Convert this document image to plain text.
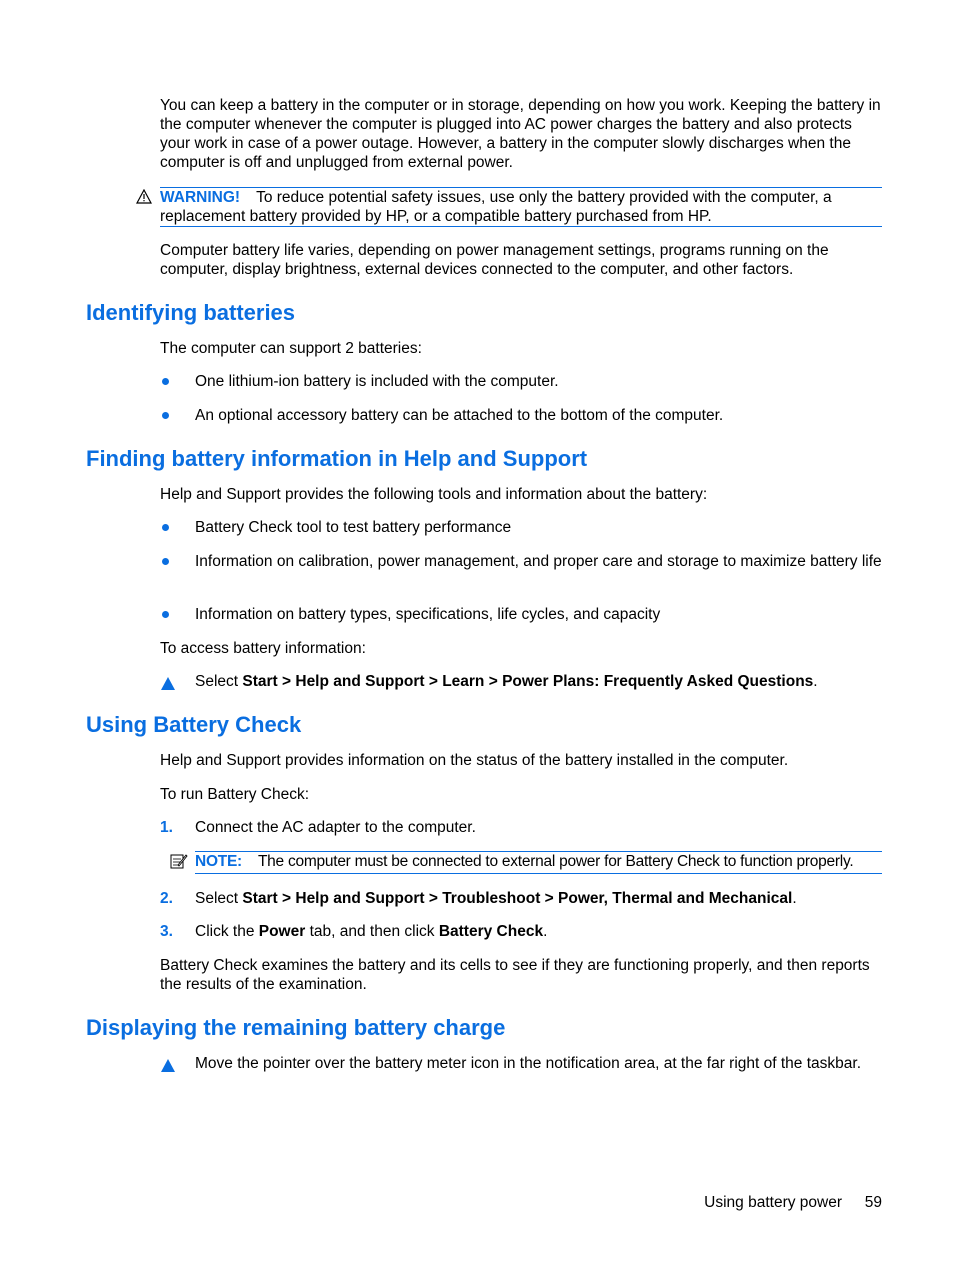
You can keep a battery in the computer or in storage, depending on how you work. Keeping the battery in the computer whenever the computer is plugged into AC power charges the battery and also protects your work in case of a power outage. However, a battery in the computer slowly discharges when the computer is off and unplugged from external power.
WARNING! To reduce potential safety issues, use only the battery provided with the computer, a replacement battery provided by HP, or a compatible battery purchased from HP.
Computer battery life varies, depending on power management settings, programs running on the computer, display brightness, external devices connected to the computer, and other factors.
Identifying batteries
The computer can support 2 batteries:
One lithium-ion battery is included with the computer.
An optional accessory battery can be attached to the bottom of the computer.
Finding battery information in Help and Support
Help and Support provides the following tools and information about the battery:
Battery Check tool to test battery performance
Information on calibration, power management, and proper care and storage to maximize battery life
Information on battery types, specifications, life cycles, and capacity
To access battery information:
Select Start > Help and Support > Learn > Power Plans: Frequently Asked Questions.
Using Battery Check
Help and Support provides information on the status of the battery installed in the computer.
To run Battery Check:
1. Connect the AC adapter to the computer.
NOTE: The computer must be connected to external power for Battery Check to function properly.
2. Select Start > Help and Support > Troubleshoot > Power, Thermal and Mechanical.
3. Click the Power tab, and then click Battery Check.
Battery Check examines the battery and its cells to see if they are functioning properly, and then reports the results of the examination.
Displaying the remaining battery charge
Move the pointer over the battery meter icon in the notification area, at the far right of the taskbar.
Using battery power 59
